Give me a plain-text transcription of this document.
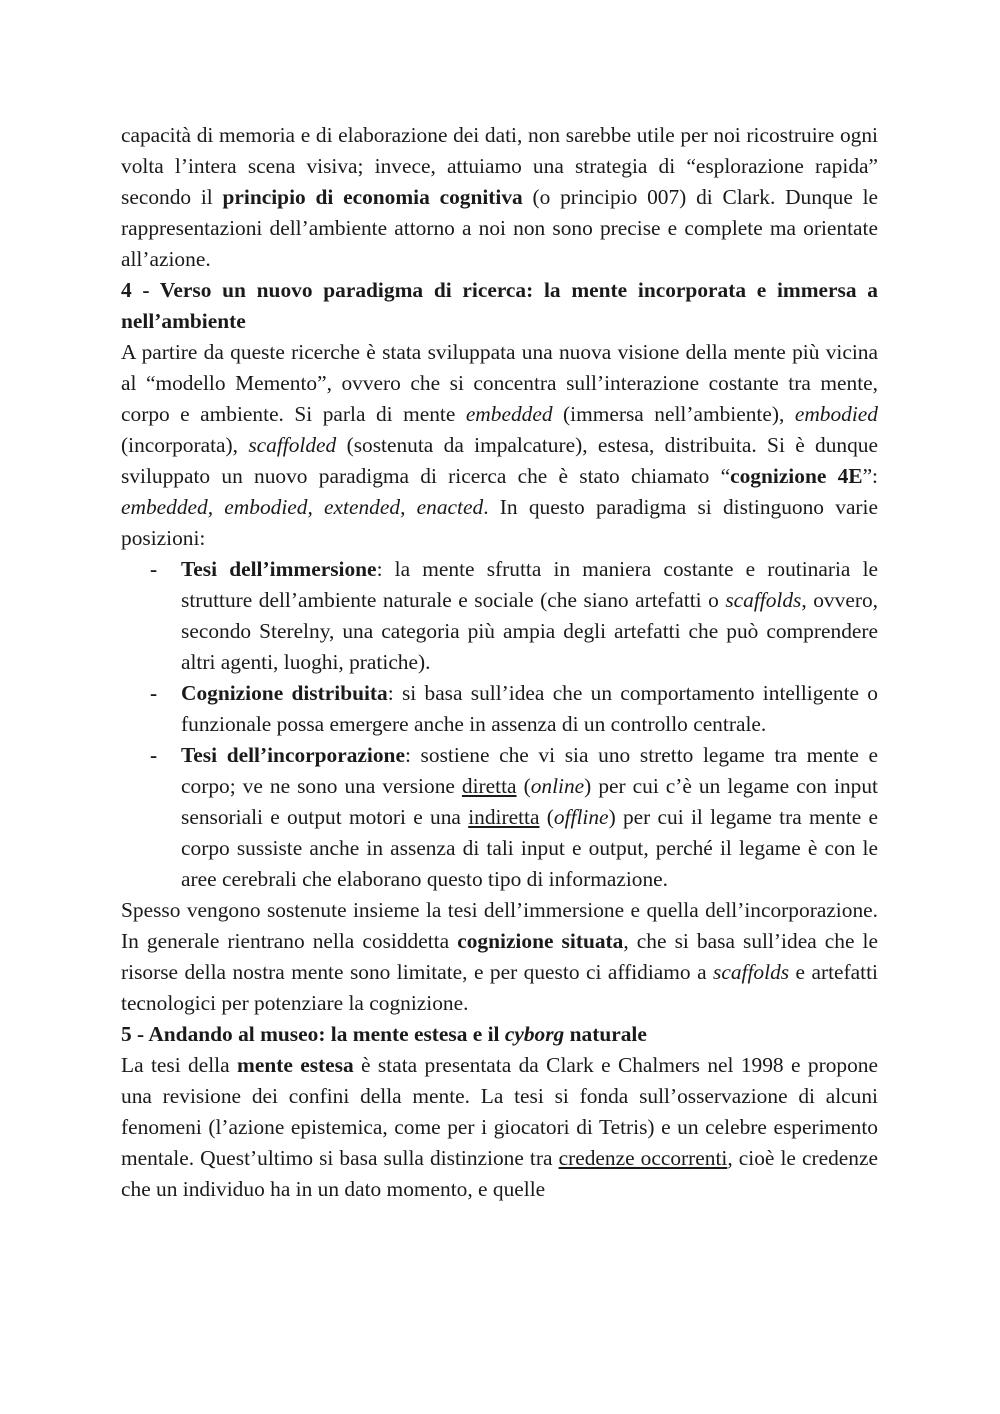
capacità di memoria e di elaborazione dei dati, non sarebbe utile per noi ricostruire ogni volta l’intera scena visiva; invece, attuiamo una strategia di “esplorazione rapida” secondo il principio di economia cognitiva (o principio 007) di Clark. Dunque le rappresentazioni dell’ambiente attorno a noi non sono precise e complete ma orientate all’azione.

4 - Verso un nuovo paradigma di ricerca: la mente incorporata e immersa a nell’ambiente

A partire da queste ricerche è stata sviluppata una nuova visione della mente più vicina al “modello Memento”, ovvero che si concentra sull’interazione costante tra mente, corpo e ambiente. Si parla di mente embedded (immersa nell’ambiente), embodied (incorporata), scaffolded (sostenuta da impalcature), estesa, distribuita. Si è dunque sviluppato un nuovo paradigma di ricerca che è stato chiamato “cognizione 4E”: embedded, embodied, extended, enacted. In questo paradigma si distinguono varie posizioni:

- Tesi dell’immersione: la mente sfrutta in maniera costante e routinaria le strutture dell’ambiente naturale e sociale (che siano artefatti o scaffolds, ovvero, secondo Sterelny, una categoria più ampia degli artefatti che può comprendere altri agenti, luoghi, pratiche).
- Cognizione distribuita: si basa sull’idea che un comportamento intelligente o funzionale possa emergere anche in assenza di un controllo centrale.
- Tesi dell’incorporazione: sostiene che vi sia uno stretto legame tra mente e corpo; ve ne sono una versione diretta (online) per cui c’è un legame con input sensoriali e output motori e una indiretta (offline) per cui il legame tra mente e corpo sussiste anche in assenza di tali input e output, perché il legame è con le aree cerebrali che elaborano questo tipo di informazione.

Spesso vengono sostenute insieme la tesi dell’immersione e quella dell’incorporazione. In generale rientrano nella cosiddetta cognizione situata, che si basa sull’idea che le risorse della nostra mente sono limitate, e per questo ci affidiamo a scaffolds e artefatti tecnologici per potenziare la cognizione.

5 - Andando al museo: la mente estesa e il cyborg naturale

La tesi della mente estesa è stata presentata da Clark e Chalmers nel 1998 e propone una revisione dei confini della mente. La tesi si fonda sull’osservazione di alcuni fenomeni (l’azione epistemica, come per i giocatori di Tetris) e un celebre esperimento mentale. Quest’ultimo si basa sulla distinzione tra credenze occorrenti, cioè le credenze che un individuo ha in un dato momento, e quelle
